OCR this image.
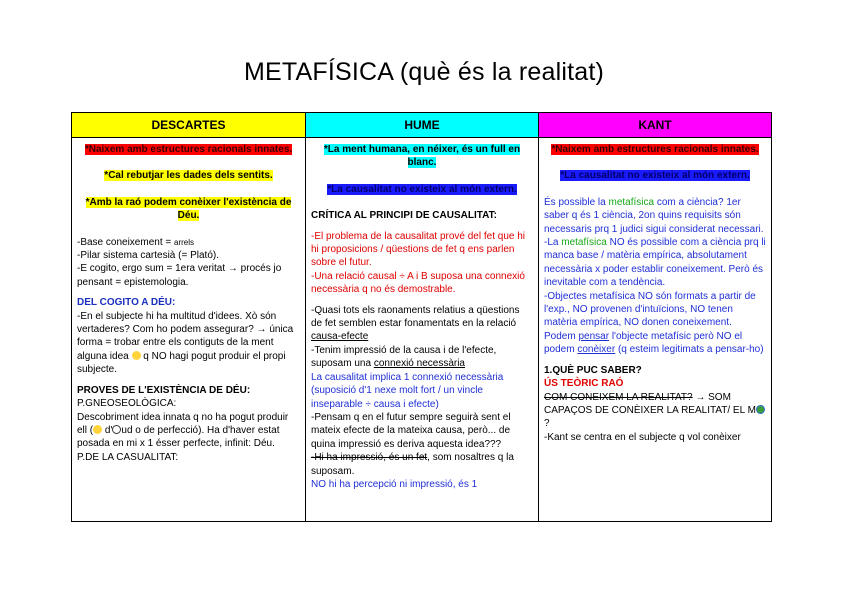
METAFÍSICA (què és la realitat)
DESCARTES

*Naixem amb estructures racionals innates.

*Cal rebutjar les dades dels sentits.

*Amb la raó podem conèixer l'existència de Déu.

-Base coneixement = arrels

-Pilar sistema cartesià (= Plató).

-E cogito, ergo sum = 1era veritat → procés jo pensant = epistemologia.

DEL COGITO A DÉU:

-En el subjecte hi ha multitud d'idees. Xò són vertaderes? Com ho podem assegurar? → única forma = trobar entre els contiguts de la ment alguna idea q NO hagi pogut produir el propi subjecte.

PROVES DE L'EXISTÈNCIA DE DÉU:

P.GNEOSEOLÒGICA:

Descobriment idea innata q no ha pogut produir ell ( d' ud o de perfecció). Ha d'haver estat posada en mi x 1 ésser perfecte, infinit: Déu.

P.DE LA CASUALITAT:

HUME

*La ment humana, en néixer, és un full en blanc.

*La causalitat no existeix al món extern.

CRÍTICA AL PRINCIPI DE CAUSALITAT:

-El problema de la causalitat prové del fet que hi hi proposicions / qüestions de fet q ens parlen sobre el futur.

-Una relació causal ÷ A i B suposa una connexió necessària q no és demostrable.

-Quasi tots els raonaments relatius a qüestions de fet semblen estar fonamentats en la relació causa-efecte

-Tenim impressió de la causa i de l'efecte, suposam una connexió necessària

La causalitat implica 1 connexió necessària (suposició d'1 nexe molt fort / un vincle inseparable ÷ causa i efecte)

-Pensam q en el futur sempre seguirà sent el mateix efecte de la mateixa causa, però... de quina impressió es deriva aquesta idea???

-Hi ha impressió, és un fet, som nosaltres q la suposam.

NO hi ha percepció ni impressió, és 1

KANT

*Naixem amb estructures racionals innates.

*La causalitat no existeix al món extern.

És possible la metafísica com a ciència? 1er saber q és 1 ciència, 2on quins requisits són necessaris prq 1 judici sigui considerat necessari.

-La metafísica NO és possible com a ciència prq li manca base / matèria empírica, absolutament necessària x poder establir coneixement. Però és inevitable com a tendència.

-Objectes metafísica NO són formats a partir de l'exp., NO provenen d'intuïcions, NO tenen matèria empírica, NO donen coneixement. Podem pensar l'objecte metafísic però NO el podem conèixer (q esteim legitimats a pensar-ho)

1.QUÈ PUC SABER?

ÚS TEÒRIC RAÓ

COM CONEIXEM LA REALITAT? → SOM CAPAÇOS DE CONÈIXER LA REALITAT/ EL M?

-Kant se centra en el subjecte q vol conèixer
